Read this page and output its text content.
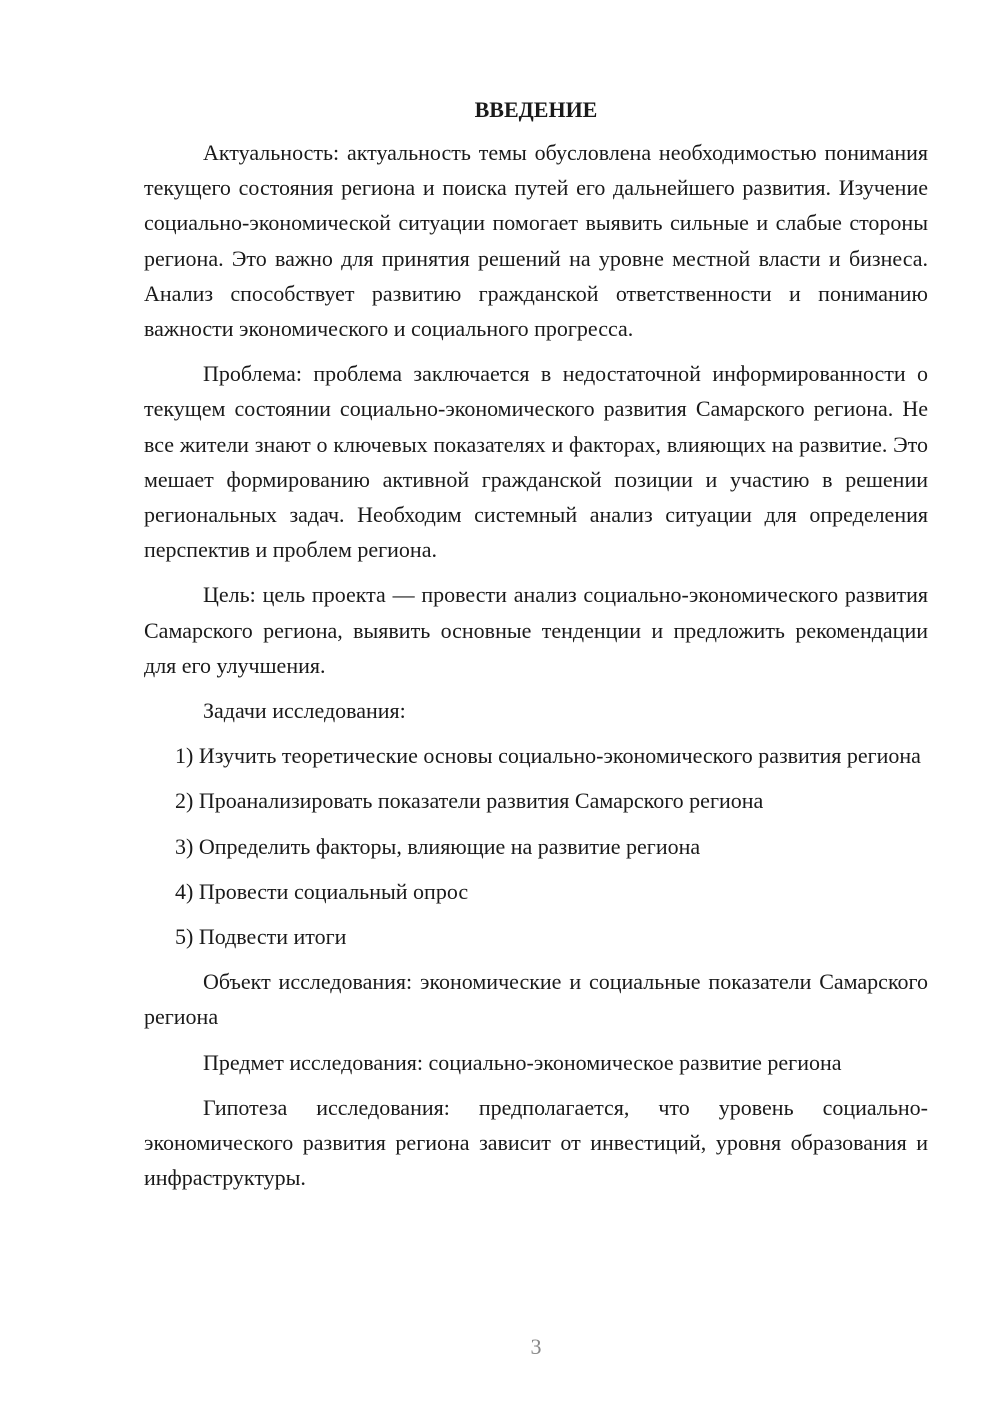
ВВЕДЕНИЕ

Актуальность: актуальность темы обусловлена необходимостью понимания текущего состояния региона и поиска путей его дальнейшего развития. Изучение социально-экономической ситуации помогает выявить сильные и слабые стороны региона. Это важно для принятия решений на уровне местной власти и бизнеса. Анализ способствует развитию гражданской ответственности и пониманию важности экономического и социального прогресса.

Проблема: проблема заключается в недостаточной информированности о текущем состоянии социально-экономического развития Самарского региона. Не все жители знают о ключевых показателях и факторах, влияющих на развитие. Это мешает формированию активной гражданской позиции и участию в решении региональных задач. Необходим системный анализ ситуации для определения перспектив и проблем региона.

Цель: цель проекта — провести анализ социально-экономического развития Самарского региона, выявить основные тенденции и предложить рекомендации для его улучшения.

Задачи исследования:

1) Изучить теоретические основы социально-экономического развития региона

2) Проанализировать показатели развития Самарского региона

3) Определить факторы, влияющие на развитие региона

4) Провести социальный опрос

5) Подвести итоги

Объект исследования: экономические и социальные показатели Самарского региона

Предмет исследования: социально-экономическое развитие региона

Гипотеза исследования: предполагается, что уровень социально-экономического развития региона зависит от инвестиций, уровня образования и инфраструктуры.

3
